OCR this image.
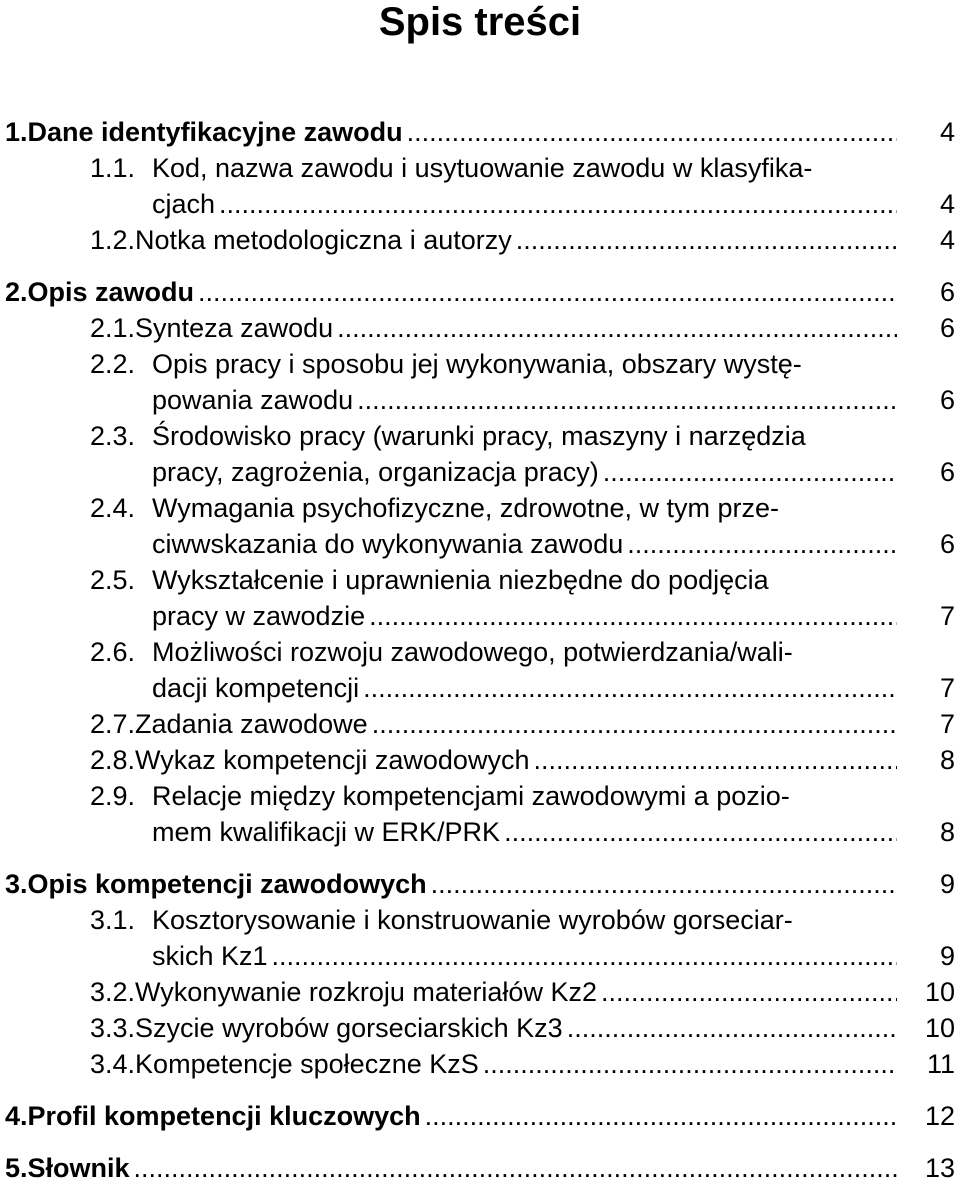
Spis treści
4
1. Dane identyfikacyjne zawodu
.....
1.1. Kod, nazwa zawodu i usytuowanie zawodu w klasyfika-
4
cjach
.....
4
1.2. Notka metodologiczna i autorzy
.....
6
2. Opis zawodu
.....
6
2.1. Synteza zawodu
.....
2.2. Opis pracy i sposobu jej wykonywania, obszary wystę-
6
powania zawodu
.....
2.3. Środowisko pracy (warunki pracy, maszyny i narzędzia
6
pracy, zagrożenia, organizacja pracy)
.....
2.4. Wymagania psychofizyczne, zdrowotne, w tym prze-
6
ciwwskazania do wykonywania zawodu
.....
2.5. Wykształcenie i uprawnienia niezbędne do podjęcia
7
pracy w zawodzie
.....
2.6. Możliwości rozwoju zawodowego, potwierdzania/wali-
7
dacji kompetencji
.....
7
2.7. Zadania zawodowe
.....
8
2.8. Wykaz kompetencji zawodowych
.....
2.9. Relacje między kompetencjami zawodowymi a pozio-
8
mem kwalifikacji w ERK/PRK
.....
9
3. Opis kompetencji zawodowych
.....
3.1. Kosztorysowanie i konstruowanie wyrobów gorseciar-
9
skich Kz1
.....
10
3.2. Wykonywanie rozkroju materiałów Kz2
.....
10
3.3. Szycie wyrobów gorseciarskich Kz3
.....
11
3.4. Kompetencje społeczne KzS
.....
12
4. Profil kompetencji kluczowych
.....
13
5. Słownik
.....
